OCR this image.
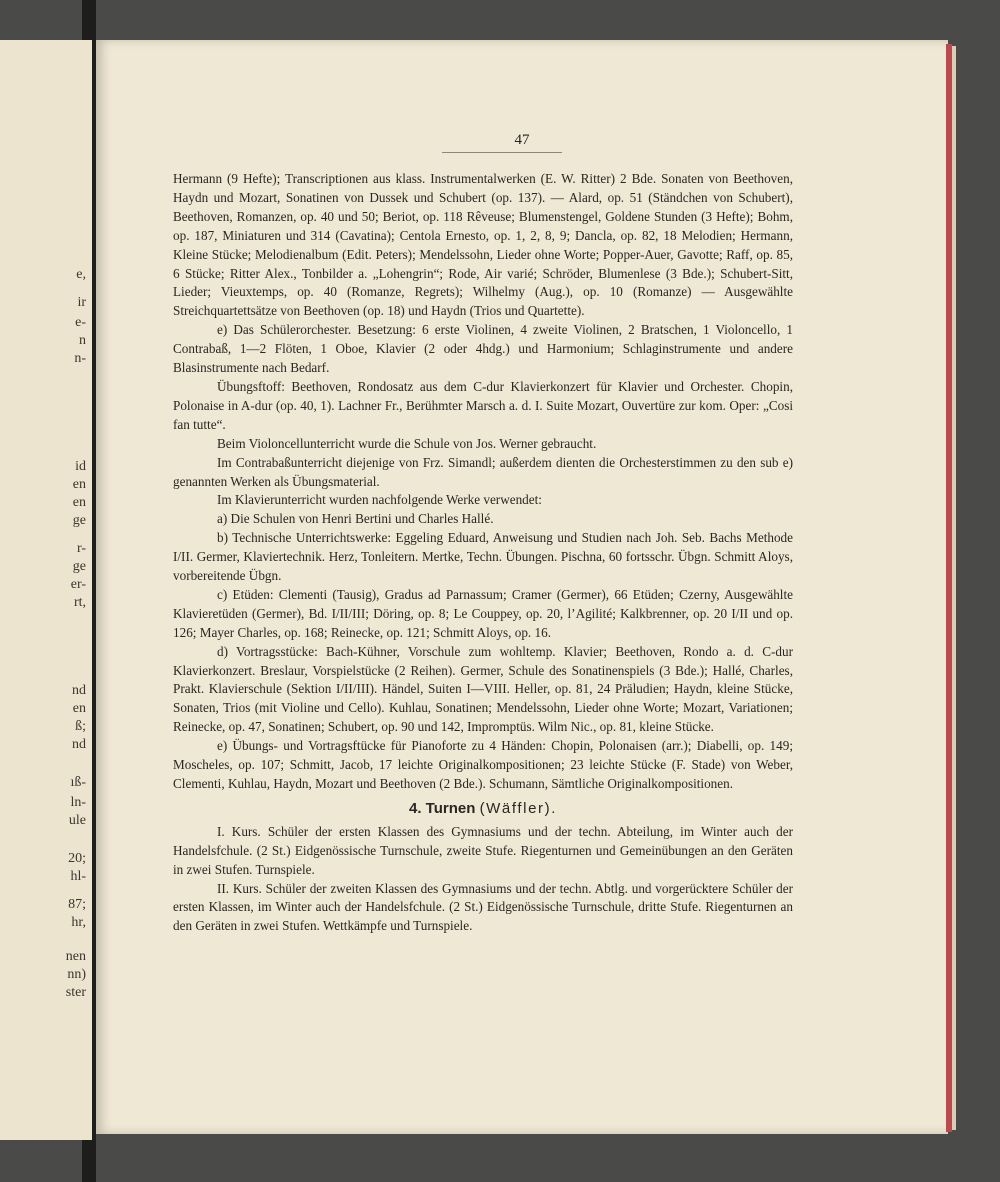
e,
ir
e-
n
n-
id
en
en
ge
r-
ge
er-
rt,
nd
en
ß;
nd
ıß-
ln-
ule
20;
hl-
87;
hr,
nen
nn)
ster
47

Hermann (9 Hefte); Transcriptionen aus klass. Instrumentalwerken (E. W. Ritter) 2 Bde. Sonaten von Beethoven, Haydn und Mozart, Sonatinen von Dussek und Schubert (op. 137). — Alard, op. 51 (Ständchen von Schubert), Beethoven, Romanzen, op. 40 und 50; Beriot, op. 118 Rêveuse; Blumenstengel, Goldene Stunden (3 Hefte); Bohm, op. 187, Miniaturen und 314 (Cavatina); Centola Ernesto, op. 1, 2, 8, 9; Dancla, op. 82, 18 Melodien; Hermann, Kleine Stücke; Melodienalbum (Edit. Peters); Mendelssohn, Lieder ohne Worte; Popper-Auer, Gavotte; Raff, op. 85, 6 Stücke; Ritter Alex., Tonbilder a. „Lohengrin“; Rode, Air varié; Schröder, Blumenlese (3 Bde.); Schubert-Sitt, Lieder; Vieuxtemps, op. 40 (Romanze, Regrets); Wilhelmy (Aug.), op. 10 (Romanze) — Ausgewählte Streichquartettsätze von Beethoven (op. 18) und Haydn (Trios und Quartette).

e) Das Schülerorchester. Besetzung: 6 erste Violinen, 4 zweite Violinen, 2 Bratschen, 1 Violoncello, 1 Contrabaß, 1—2 Flöten, 1 Oboe, Klavier (2 oder 4hdg.) und Harmonium; Schlaginstrumente und andere Blasinstrumente nach Bedarf.

Übungsftoff: Beethoven, Rondosatz aus dem C-dur Klavierkonzert für Klavier und Orchester. Chopin, Polonaise in A-dur (op. 40, 1). Lachner Fr., Berühmter Marsch a. d. I. Suite Mozart, Ouvertüre zur kom. Oper: „Cosi fan tutte“.

Beim Violoncellunterricht wurde die Schule von Jos. Werner gebraucht.

Im Contrabaßunterricht diejenige von Frz. Simandl; außerdem dienten die Orchesterstimmen zu den sub e) genannten Werken als Übungsmaterial.

Im Klavierunterricht wurden nachfolgende Werke verwendet:

a) Die Schulen von Henri Bertini und Charles Hallé.

b) Technische Unterrichtswerke: Eggeling Eduard, Anweisung und Studien nach Joh. Seb. Bachs Methode I/II. Germer, Klaviertechnik. Herz, Tonleitern. Mertke, Techn. Übungen. Pischna, 60 fortsschr. Übgn. Schmitt Aloys, vorbereitende Übgn.

c) Etüden: Clementi (Tausig), Gradus ad Parnassum; Cramer (Germer), 66 Etüden; Czerny, Ausgewählte Klavieretüden (Germer), Bd. I/II/III; Döring, op. 8; Le Couppey, op. 20, l’Agilité; Kalkbrenner, op. 20 I/II und op. 126; Mayer Charles, op. 168; Reinecke, op. 121; Schmitt Aloys, op. 16.

d) Vortragsstücke: Bach-Kühner, Vorschule zum wohltemp. Klavier; Beethoven, Rondo a. d. C-dur Klavierkonzert. Breslaur, Vorspielstücke (2 Reihen). Germer, Schule des Sonatinenspiels (3 Bde.); Hallé, Charles, Prakt. Klavierschule (Sektion I/II/III). Händel, Suiten I—VIII. Heller, op. 81, 24 Präludien; Haydn, kleine Stücke, Sonaten, Trios (mit Violine und Cello). Kuhlau, Sonatinen; Mendelssohn, Lieder ohne Worte; Mozart, Variationen; Reinecke, op. 47, Sonatinen; Schubert, op. 90 und 142, Impromptüs. Wilm Nic., op. 81, kleine Stücke.

e) Übungs- und Vortragsftücke für Pianoforte zu 4 Händen: Chopin, Polonaisen (arr.); Diabelli, op. 149; Moscheles, op. 107; Schmitt, Jacob, 17 leichte Originalkompositionen; 23 leichte Stücke (F. Stade) von Weber, Clementi, Kuhlau, Haydn, Mozart und Beethoven (2 Bde.). Schumann, Sämtliche Originalkompositionen.

4. Turnen (Wäffler).

I. Kurs. Schüler der ersten Klassen des Gymnasiums und der techn. Abteilung, im Winter auch der Handelsfchule. (2 St.) Eidgenössische Turnschule, zweite Stufe. Riegenturnen und Gemeinübungen an den Geräten in zwei Stufen. Turnspiele.

II. Kurs. Schüler der zweiten Klassen des Gymnasiums und der techn. Abtlg. und vorgerücktere Schüler der ersten Klassen, im Winter auch der Handelsfchule. (2 St.) Eidgenössische Turnschule, dritte Stufe. Riegenturnen an den Geräten in zwei Stufen. Wettkämpfe und Turnspiele.
